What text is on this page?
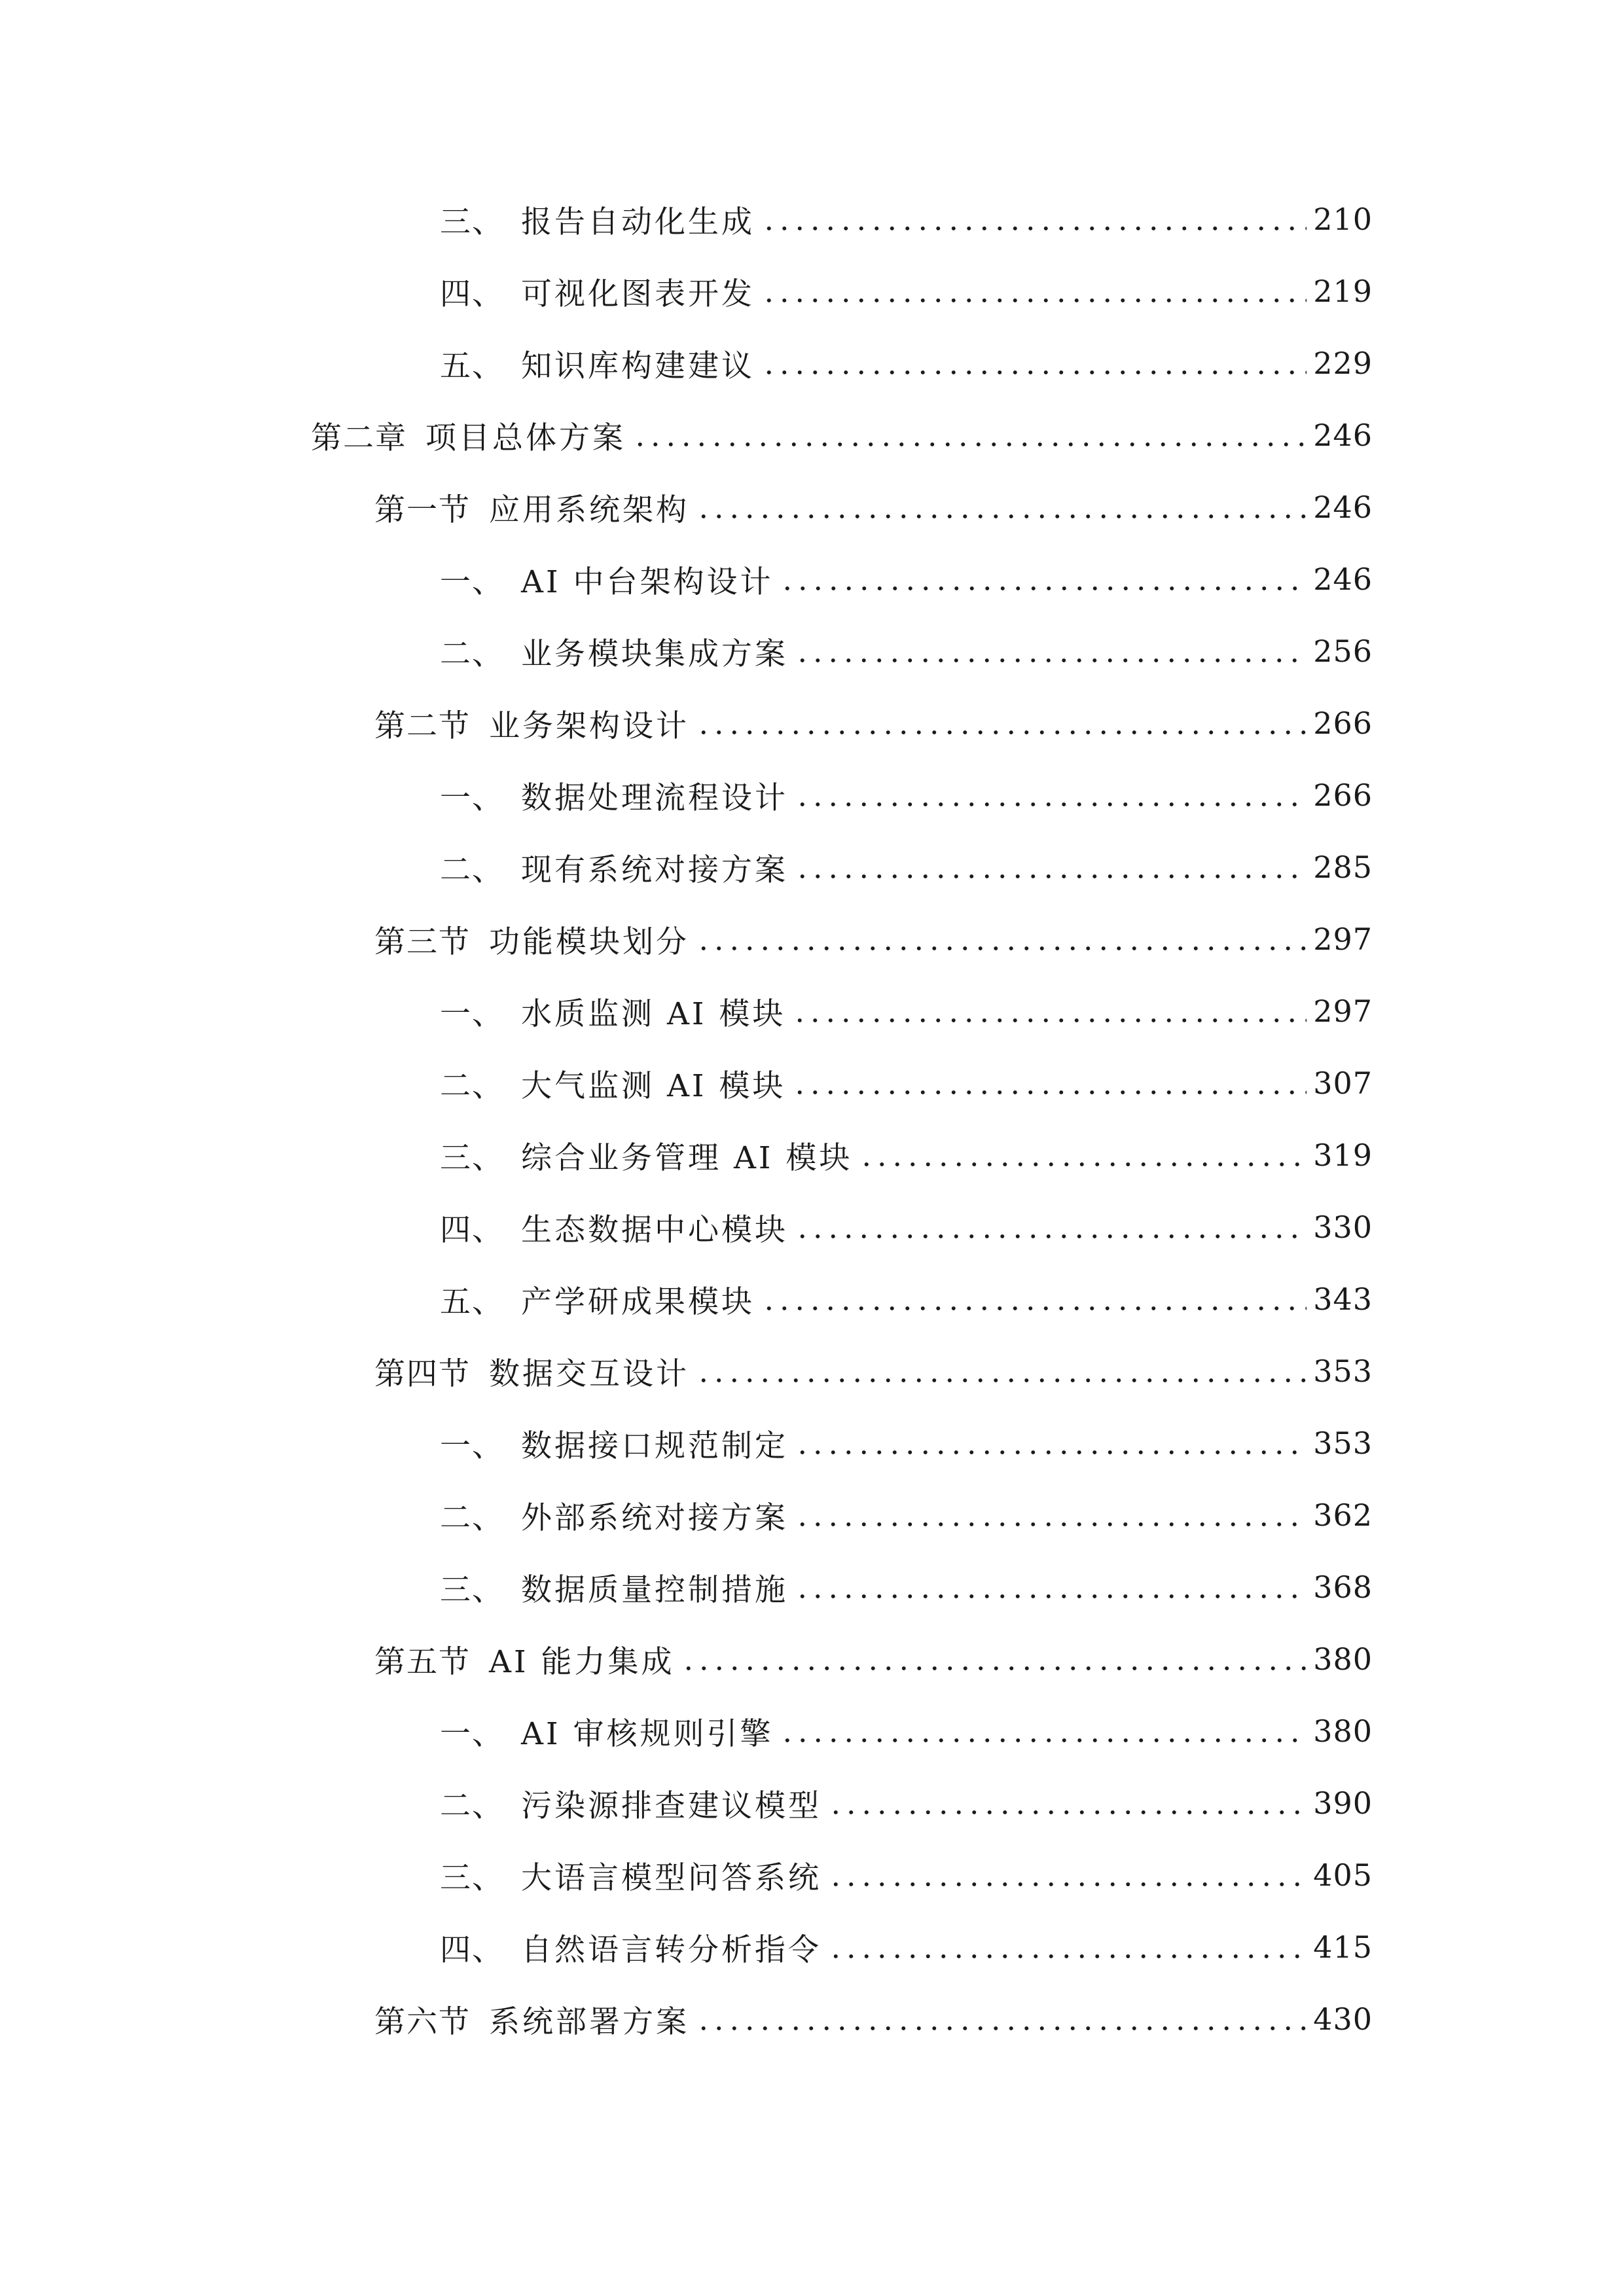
三、 报告自动化生成	210
四、 可视化图表开发	219
五、 知识库构建建议	229
第二章 项目总体方案	246
第一节 应用系统架构	246
一、 AI 中台架构设计	246
二、 业务模块集成方案	256
第二节 业务架构设计	266
一、 数据处理流程设计	266
二、 现有系统对接方案	285
第三节 功能模块划分	297
一、 水质监测 AI 模块	297
二、 大气监测 AI 模块	307
三、 综合业务管理 AI 模块	319
四、 生态数据中心模块	330
五、 产学研成果模块	343
第四节 数据交互设计	353
一、 数据接口规范制定	353
二、 外部系统对接方案	362
三、 数据质量控制措施	368
第五节 AI 能力集成	380
一、 AI 审核规则引擎	380
二、 污染源排查建议模型	390
三、 大语言模型问答系统	405
四、 自然语言转分析指令	415
第六节 系统部署方案	430
